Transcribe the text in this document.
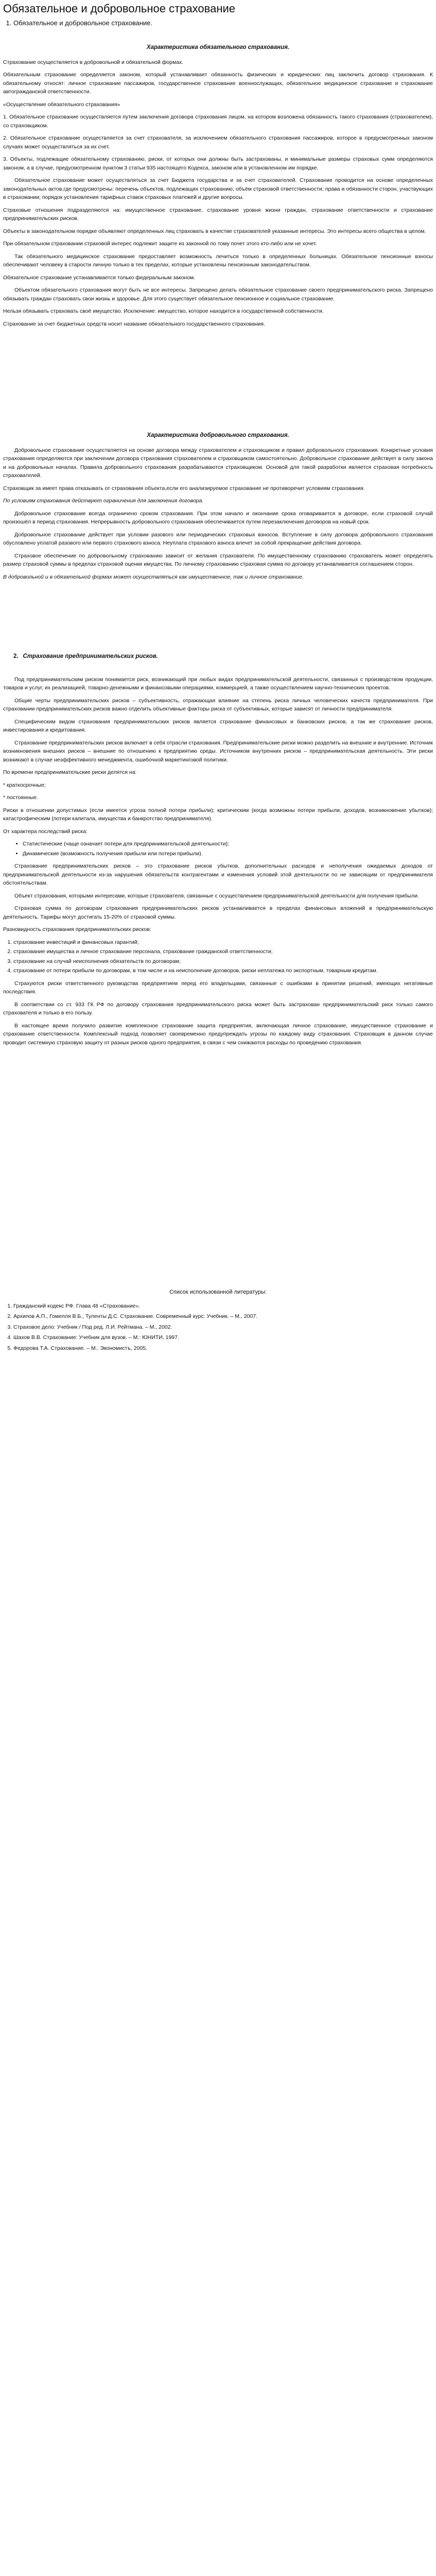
Обязательное и добровольное страхование
1. Обязательное и добровольное страхование.
Характеристика обязательного страхования.

Страхование осуществляется в добровольной и обязательной формах.

Обязательным страхование определяется законом, который устанавливает обязанность физических и юридических лиц заключить договор страхования. К обязательному относят: личное страхование пассажиров, государственное страхование военнослужащих, обязательное медицинское страхование и страхование автогражданской ответственности.

«Осуществление обязательного страхования»

1. Обязательное страхование осуществляется путем заключения договора страхования лицом, на котором возложена обязанность такого страхования (страхователем), со страховщиком.

2. Обязательное страхование осуществляется за счет страхователя, за исключением обязательного страхования пассажиров, которое в предусмотренных законом случаях может осуществляться за их счет.

3. Объекты, подлежащие обязательному страхованию, риски, от которых они должны быть застрахованы, и минимальные размеры страховых сумм определяются законом, а в случае, предусмотренном пунктом 3 статьи 935 настоящего Кодекса, законом или в установленном им порядке.

Обязательное страхование может осуществляться за счет Бюджета государства и за счет страхователей. Страхование проводится на основе определенных законодательных актов,где предусмотрены: перечень объектов, подлежащих страхованию; объём страховой ответственности; права и обязанности сторон, участвующих в страховании; порядок установления тарифных ставок страховых платежей и другие вопросы.

Страховые отношения подразделяются на: имущественное страхование, страхование уровня жизни граждан, страхование ответственности и страхование предпринимательских рисков.

Объекты в законодательном порядке объявляют определенных лиц страховать в качестве страхователей указанные интересы. Это интересы всего общества в целом.

При обязательном страховании страховой интерес подлежит защите из законной по тому почет этого кто-либо или не хочет.

Так обязательного медицинское страхование предоставляет возможность лечиться только в определенных больницах. Обязательное пенсионные взносы обеспечивают человеку в старости личную только в тех пределах, которые установлены пенсионным законодательством.

Обязательное страхование устанавливается только федеральным законом.

Объектом обязательного страхования могут быть не все интересы. Запрещено делать обязательное страхование своего предпринимательского риска. Запрещено обязывать граждан страховать свои жизнь и здоровье. Для этого существует обязательное пенсионное и социальное страхование.

Нельзя обязывать страховать своё имущество. Исключение: имущество, которое находится в государственной собственности.

Страхование за счет бюджетных средств носит название обязательного государственного страхования.

Характеристика добровольного страхования.

Добровольное страхование осуществляется на основе договора между страхователем и страховщиком и правил добровольного страхования. Конкретные условия страхования определяются при заключении договора страхования страхователем и страховщиком самостоятельно. Добровольное страхование действует в силу закона и на добровольных началах. Правила добровольного страхования разрабатываются страховщиком. Основой для такой разработки является страховая потребность страхователей.

Страховщик за имеет права отказывать от страхования объекта,если его анализируемое страхование не противоречит условиям страхования.

По условиям страхования действуют ограничения для заключения договора.

Добровольное страхование всегда ограничено сроком страхования. При этом начало и окончание срока оговаривается в договоре, если страховой случай произошёл в период страхования. Непрерывность добровольного страхования обеспечивается путем перезаключения договоров на новый срок.

Добровольное страхование действует при условии разового или периодических страховых взносов. Вступление в силу договора добровольного страхования обусловлено уплатой разового или первого страхового взноса. Неуплата страхового взноса влечет за собой прекращение действия договора.

Страховое обеспечение по добровольному страхованию зависит от желания страхователя. По имущественному страхованию страхователь может определять размер страховой суммы в пределах страховой оценки имущества. По личному страхованию страховая сумма по договору устанавливается соглашением сторон.

В добровольной и в обязательной формах может осуществляться как имущественное, так и личное страхование.

2. Страхование предпринимательских рисков.

Под предпринимательским риском понимается риск, возникающий при любых видах предпринимательской деятельности, связанных с производством продукции, товаров и услуг, их реализацией, товарно-денежными и финансовыми операциями, коммерцией, а также осуществлением научно-технических проектов.

Общие черты предпринимательских рисков – субъективность, отражающая влияние на степень риска личных человеческих качеств предпринимателя. При страховании предпринимательских рисков важно отделить объективные факторы риска от субъективных, которые зависят от личности предпринимателя.

Специфическим видом страхования предпринимательских рисков является страхование финансовых и банковских рисков, а так же страхование рисков, инвестирования и кредитования.

Страхование предпринимательских рисков включает в себя отрасли страхования. Предпринимательские риски можно разделить на внешние и внутренние. Источник возникновения внешних рисков – внешние по отношению к предприятию среды. Источником внутренних рисков – предпринимательская деятельность. Эти риски возникают в случае неэффективного менеджмента, ошибочной маркетинговой политики.

По времени предпринимательские риски делятся на:

* краткосрочные;

* постоянные.

Риски в отношении допустимых (если имеется угроза полной потери прибыли); критическим (когда возможны потери прибыли, доходов, возникновение убытков); катастрофическим (потери капитала, имущества и банкротство предпринимателя).

От характера последствий риска:

• Статистические (чаще означает потери для предпринимательской деятельности);
• Динамические (возможность получения прибыли или потери прибыли).

Страхование предпринимательских рисков – это страхование рисков убытков, дополнительных расходов и неполучения ожидаемых доходов от предпринимательской деятельности из-за нарушения обязательств контрагентами и изменения условий этой деятельности по не зависящим от предпринимателя обстоятельствам.

Объект страхования, которыми интересами, которые страхователя, связанные с осуществлением предпринимательской деятельности для получения прибыли.

Страховая сумма по договорам страхования предпринимательских рисков устанавливается в пределах финансовых вложений в предпринимательскую деятельность. Тарифы могут достигать 15-20% от страховой суммы.

Разновидность страхования предпринимательских рисков:

1. страхование инвестиций и финансовых гарантий;
2. страхование имущества и личное страхование персонала, страхование гражданской ответственности;
3. страхование на случай неисполнения обязательств по договорам;
4. страхование от потери прибыли по договорам, в том числе и на неисполнение договоров, риски неплатежа по экспортным, товарным кредитам.

Страхуются риски ответственного руководства предприятием перед его владельцами, связанные с ошибками в принятии решений, имеющих негативные последствия.

В соответствии со ст. 933 ГК РФ по договору страхования предпринимательского риска может быть застрахован предпринимательский риск только самого страхователя и только в его пользу.

В настоящее время получило развитие комплексное страхование защита предприятия, включающая личное страхование, имущественное страхование и страхование ответственности. Комплексный подход позволяет своевременно предупреждать угрозы по каждому виду страхования. Страховщик в данном случае проводит системную страховую защиту от разных рисков одного предприятия, в связи с чем снижаются расходы по проведению страхования.

Список использованной литературы:
1. Гражданский кодекс РФ. Глава 48 «Страхование».
2. Архипов А.П., Гомелля В.Б., Туленты Д.С. Страхование. Современный курс: Учебник. – М., 2007.
3. Страховое дело: Учебник / Под ред. Л.И. Рейтмана. – М., 2002.
4. Шахов В.В. Страхование: Учебник для вузов. – М.: ЮНИТИ, 1997.
5. Федорова Т.А. Страхование. – М.: Экономистъ, 2005.
